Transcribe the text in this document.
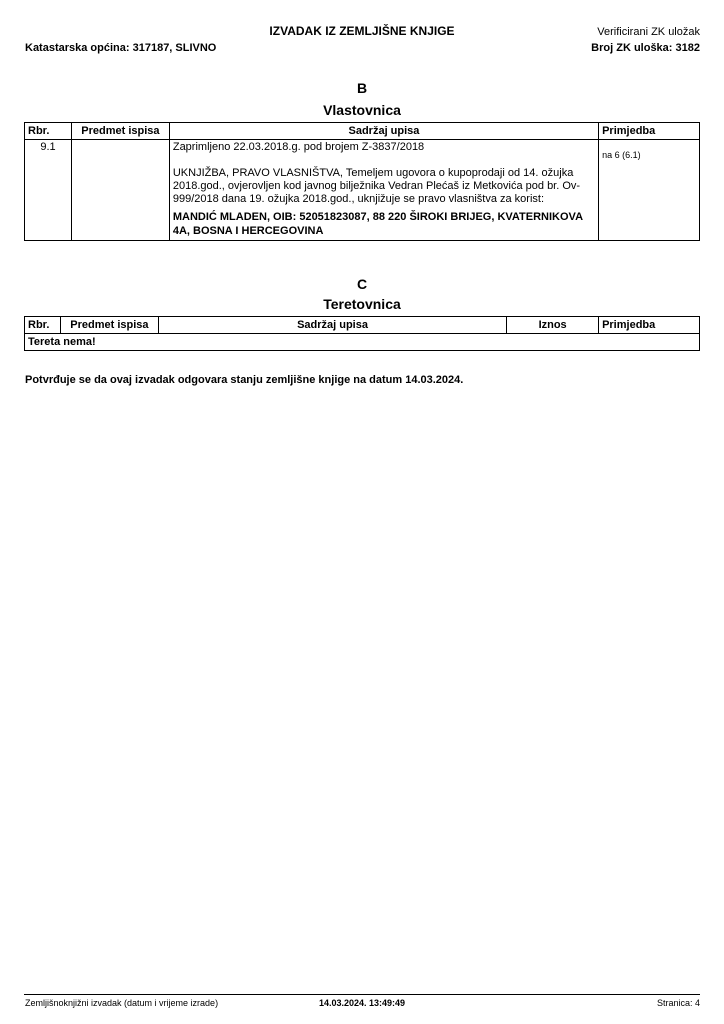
IZVADAK IZ ZEMLJIŠNE KNJIGE
Katastarska općina: 317187, SLIVNO
Verificirani ZK uložak
Broj ZK uloška: 3182
B
Vlastovnica
Rbr.	Predmet ispisa	Sadržaj upisa	Primjedba
9.1		Zaprimljeno 22.03.2018.g. pod brojem Z-3837/2018

UKNJIŽBA, PRAVO VLASNIŠTVA, Temeljem ugovora o kupoprodaji od 14. ožujka 2018.god., ovjerovljen kod javnog bilježnika Vedran Plećaš iz Metkovića pod br. Ov-999/2018 dana 19. ožujka 2018.god., uknjižuje se pravo vlasništva za korist:

MANDIĆ MLADEN, OIB: 52051823087, 88 220 ŠIROKI BRIJEG, KVATERNIKOVA 4A, BOSNA I HERCEGOVINA	na 6 (6.1)
C
Teretovnica
Rbr.	Predmet ispisa	Sadržaj upisa	Iznos	Primjedba
Tereta nema!
Potvrđuje se da ovaj izvadak odgovara stanju zemljišne knjige na datum 14.03.2024.
Zemljišnoknjižni izvadak (datum i vrijeme izrade)	14.03.2024. 13:49:49	Stranica: 4
